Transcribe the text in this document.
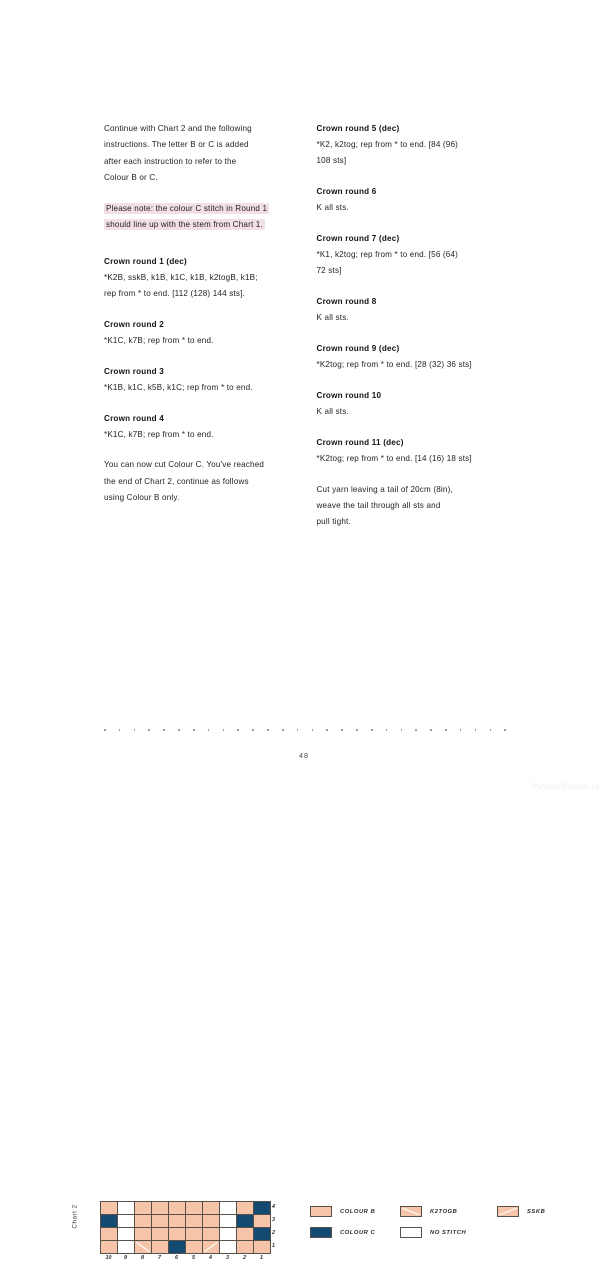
Continue with Chart 2 and the following
instructions. The letter B or C is added
after each instruction to refer to the
Colour B or C.
Please note: the colour C stitch in Round 1
should line up with the stem from Chart 1.
Crown round 1 (dec)
*K2B, sskB, k1B, k1C, k1B, k2togB, k1B;
rep from * to end. [112 (128) 144 sts].
Crown round 2
*K1C, k7B; rep from * to end.
Crown round 3
*K1B, k1C, k5B, k1C; rep from * to end.
Crown round 4
*K1C, k7B; rep from * to end.
You can now cut Colour C. You've reached
the end of Chart 2, continue as follows
using Colour B only.
Crown round 5 (dec)
*K2, k2tog; rep from * to end. [84 (96)
108 sts]
Crown round 6
K all sts.
Crown round 7 (dec)
*K1, k2tog; rep from * to end. [56 (64)
72 sts]
Crown round 8
K all sts.
Crown round 9 (dec)
*K2tog; rep from * to end. [28 (32) 36 sts]
Crown round 10
K all sts.
Crown round 11 (dec)
*K2tog; rep from * to end. [14 (16) 18 sts]
Cut yarn leaving a tail of 20cm (8in),
weave the tail through all sts and
pull tight.
Chart 2

										4
3
2
1
10	9	8	7	6	5	4	3	2	1
COLOUR B
COLOUR C
K2TOGB
NO STITCH
SSKB
48
PassionForum.ru
